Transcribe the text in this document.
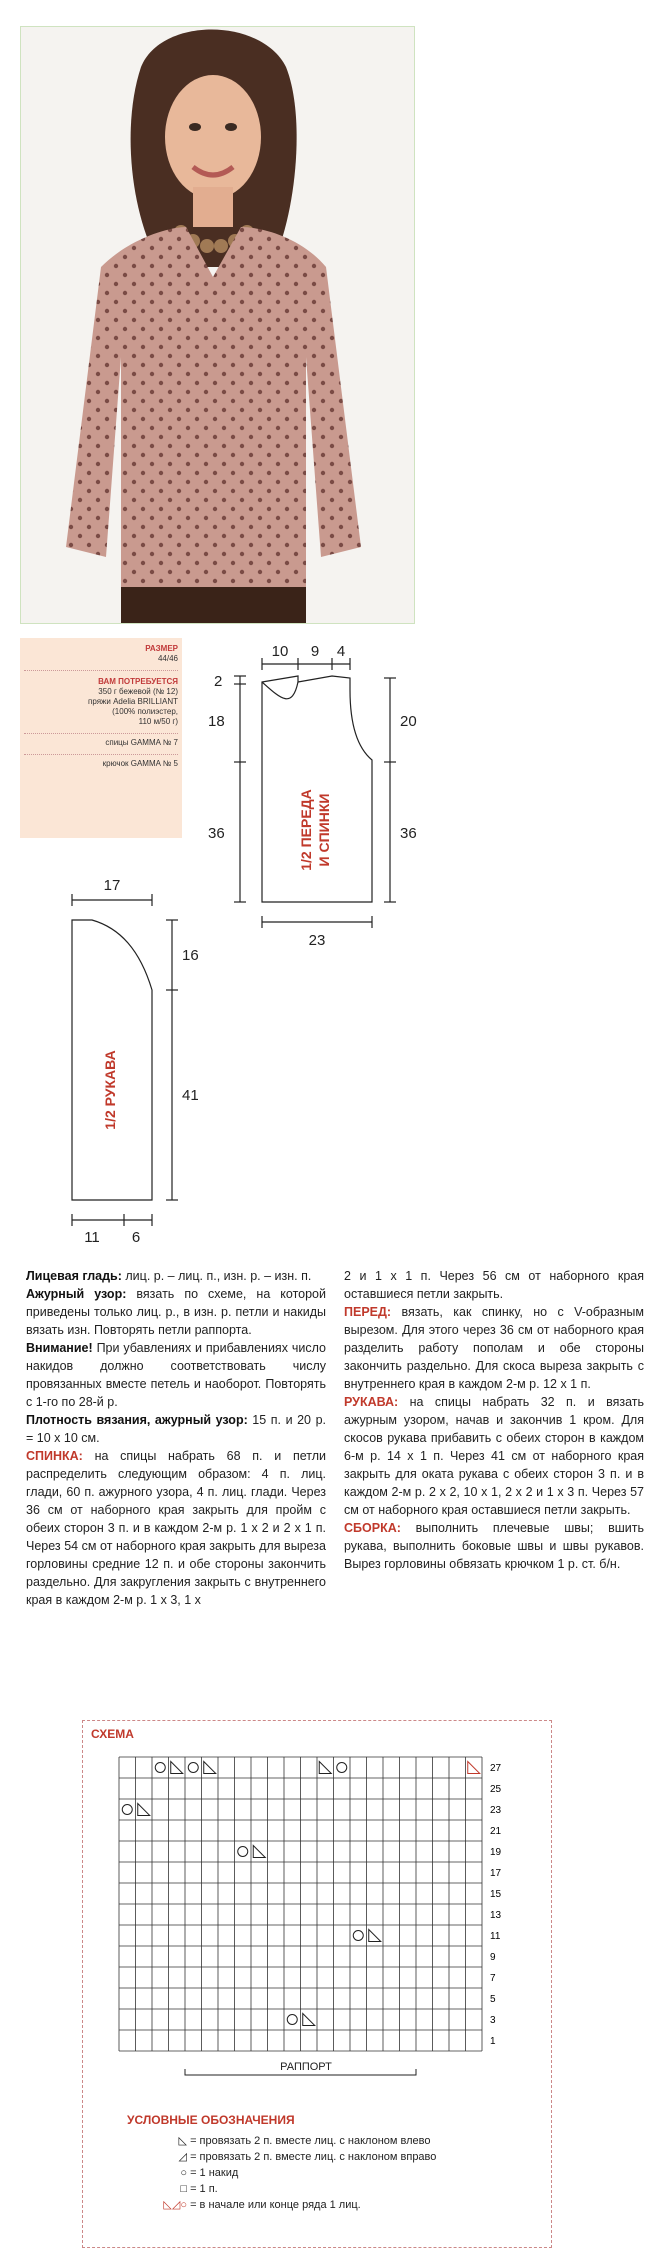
РАЗМЕР
44/46
ВАМ ПОТРЕБУЕТСЯ
350 г бежевой (№ 12)
пряжи Adelia BRILLIANT
(100% полиэстер,
110 м/50 г)
спицы GAMMA № 7
крючок GAMMA № 5
10 9 4
2
18
36
20
36
23
1/2 ПЕРЕДА И СПИНКИ
17
16
41
11 6
1/2 РУКАВА
Лицевая гладь: лиц. р. – лиц. п., изн. р. – изн. п.
Ажурный узор: вязать по схеме, на которой приведены только лиц. р., в изн. р. петли и накиды вязать изн. Повторять петли раппорта.
Внимание! При убавлениях и прибавлениях число накидов должно соответствовать числу провязанных вместе петель и наоборот. Повторять с 1-го по 28-й р.
Плотность вязания, ажурный узор: 15 п. и 20 р. = 10 х 10 см.
СПИНКА: на спицы набрать 68 п. и петли распределить следующим образом: 4 п. лиц. глади, 60 п. ажурного узора, 4 п. лиц. глади. Через 36 см от наборного края закрыть для пройм с обеих сторон 3 п. и в каждом 2-м р. 1 х 2 и 2 х 1 п. Через 54 см от наборного края закрыть для выреза горловины средние 12 п. и обе стороны закончить раздельно. Для закругления закрыть с внутреннего края в каждом 2-м р. 1 х 3, 1 х
2 и 1 х 1 п. Через 56 см от наборного края оставшиеся петли закрыть.
ПЕРЕД: вязать, как спинку, но с V-образным вырезом. Для этого через 36 см от наборного края разделить работу пополам и обе стороны закончить раздельно. Для скоса выреза закрыть с внутреннего края в каждом 2-м р. 12 х 1 п.
РУКАВА: на спицы набрать 32 п. и вязать ажурным узором, начав и закончив 1 кром. Для скосов рукава прибавить с обеих сторон в каждом 6-м р. 14 х 1 п. Через 41 см от наборного края закрыть для оката рукава с обеих сторон 3 п. и в каждом 2-м р. 2 х 2, 10 х 1, 2 х 2 и 1 х 3 п. Через 57 см от наборного края оставшиеся петли закрыть.
СБОРКА: выполнить плечевые швы; вшить рукава, выполнить боковые швы и швы рукавов. Вырез горловины обвязать крючком 1 р. ст. б/н.
СХЕМА
27
25
23
21
19
17
15
13
11
9
7
5
3
1
РАППОРТ
УСЛОВНЫЕ ОБОЗНАЧЕНИЯ
◺ = провязать 2 п. вместе лиц. с наклоном влево
◿ = провязать 2 п. вместе лиц. с наклоном вправо
○ = 1 накид
□ = 1 п.
◺◿○ = в начале или конце ряда 1 лиц.
